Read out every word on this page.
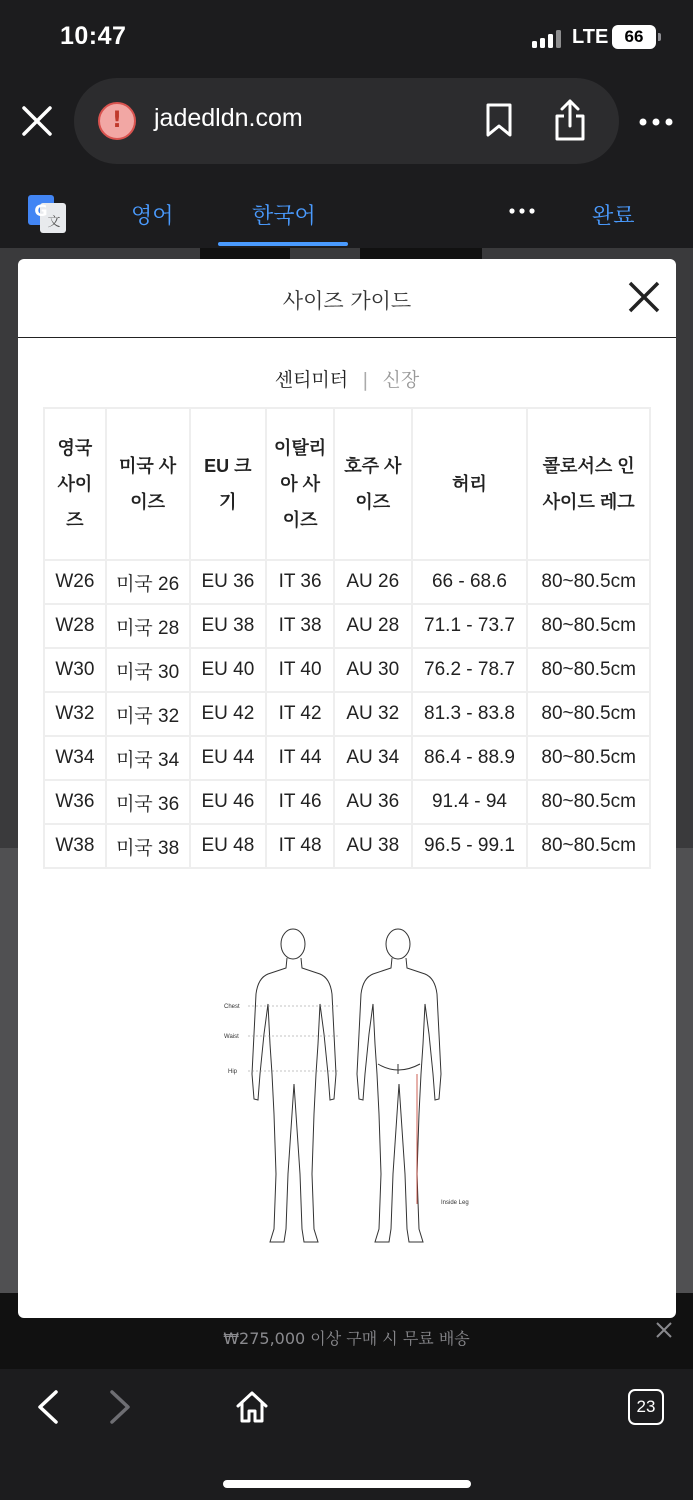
10:47	LTE 66
!	jadedldn.com
G
文	영어	한국어	완료
₩275,000 이상 구매 시 무료 배송
사이즈 가이드
센티미터 | 신장
영국 사이즈	미국 사이즈	EU 크기	이탈리아 사이즈	호주 사이즈	허리	콜로서스 인사이드 레그
W26	미국 26	EU 36	IT 36	AU 26	66 - 68.6	80~80.5cm
W28	미국 28	EU 38	IT 38	AU 28	71.1 - 73.7	80~80.5cm
W30	미국 30	EU 40	IT 40	AU 30	76.2 - 78.7	80~80.5cm
W32	미국 32	EU 42	IT 42	AU 32	81.3 - 83.8	80~80.5cm
W34	미국 34	EU 44	IT 44	AU 34	86.4 - 88.9	80~80.5cm
W36	미국 36	EU 46	IT 46	AU 36	91.4 - 94	80~80.5cm
W38	미국 38	EU 48	IT 48	AU 38	96.5 - 99.1	80~80.5cm
Chest
Waist
Hip
Inside Leg
23
